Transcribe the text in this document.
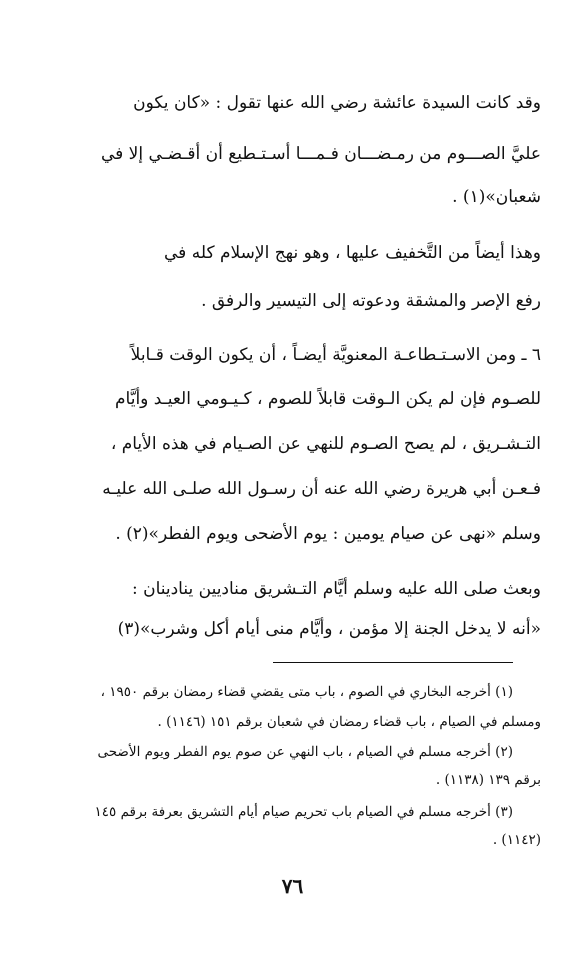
وقد كانت السيدة عائشة رضي الله عنها تقول : «كان يكون
عليَّ الصـــوم من رمـضـــان فـمـــا أسـتـطيع أن أقـضـي إلا في
شعبان»(١) .
وهذا أيضاً من التَّخفيف عليها ، وهو نهج الإسلام كله في
رفع الإصر والمشقة ودعوته إلى التيسير والرفق .
٦ ـ ومن الاسـتـطاعـة المعنويَّة أيضـاً ، أن يكون الوقت قـابلاً
للصـوم فإن لم يكن الـوقت قابلاً للصوم ، كـيـومي العيـد وأيَّام
التـشـريق ، لم يصح الصـوم للنهي عن الصـيام في هذه الأيام ،
فـعـن أبي هريرة رضي الله عنه أن رسـول الله صلـى الله عليـه
وسلم «نهى عن صيام يومين : يوم الأضحى ويوم الفطر»(٢) .
وبعث صلى الله عليه وسلم أيَّام التـشريق مناديين ينادينان :
«أنه لا يدخل الجنة إلا مؤمن ، وأيَّام منى أيام أكل وشرب»(٣)
(١) أخرجه البخاري في الصوم ، باب متى يقضي قضاء رمضان برقم ١٩٥٠ ،
ومسلم في الصيام ، باب قضاء رمضان في شعبان برقم ١٥١ (١١٤٦) .
(٢) أخرجه مسلم في الصيام ، باب النهي عن صوم يوم الفطر ويوم الأضحى
برقم ١٣٩ (١١٣٨) .
(٣) أخرجه مسلم في الصيام باب تحريم صيام أيام التشريق بعرفة برقم ١٤٥
(١١٤٢) .
٧٦
